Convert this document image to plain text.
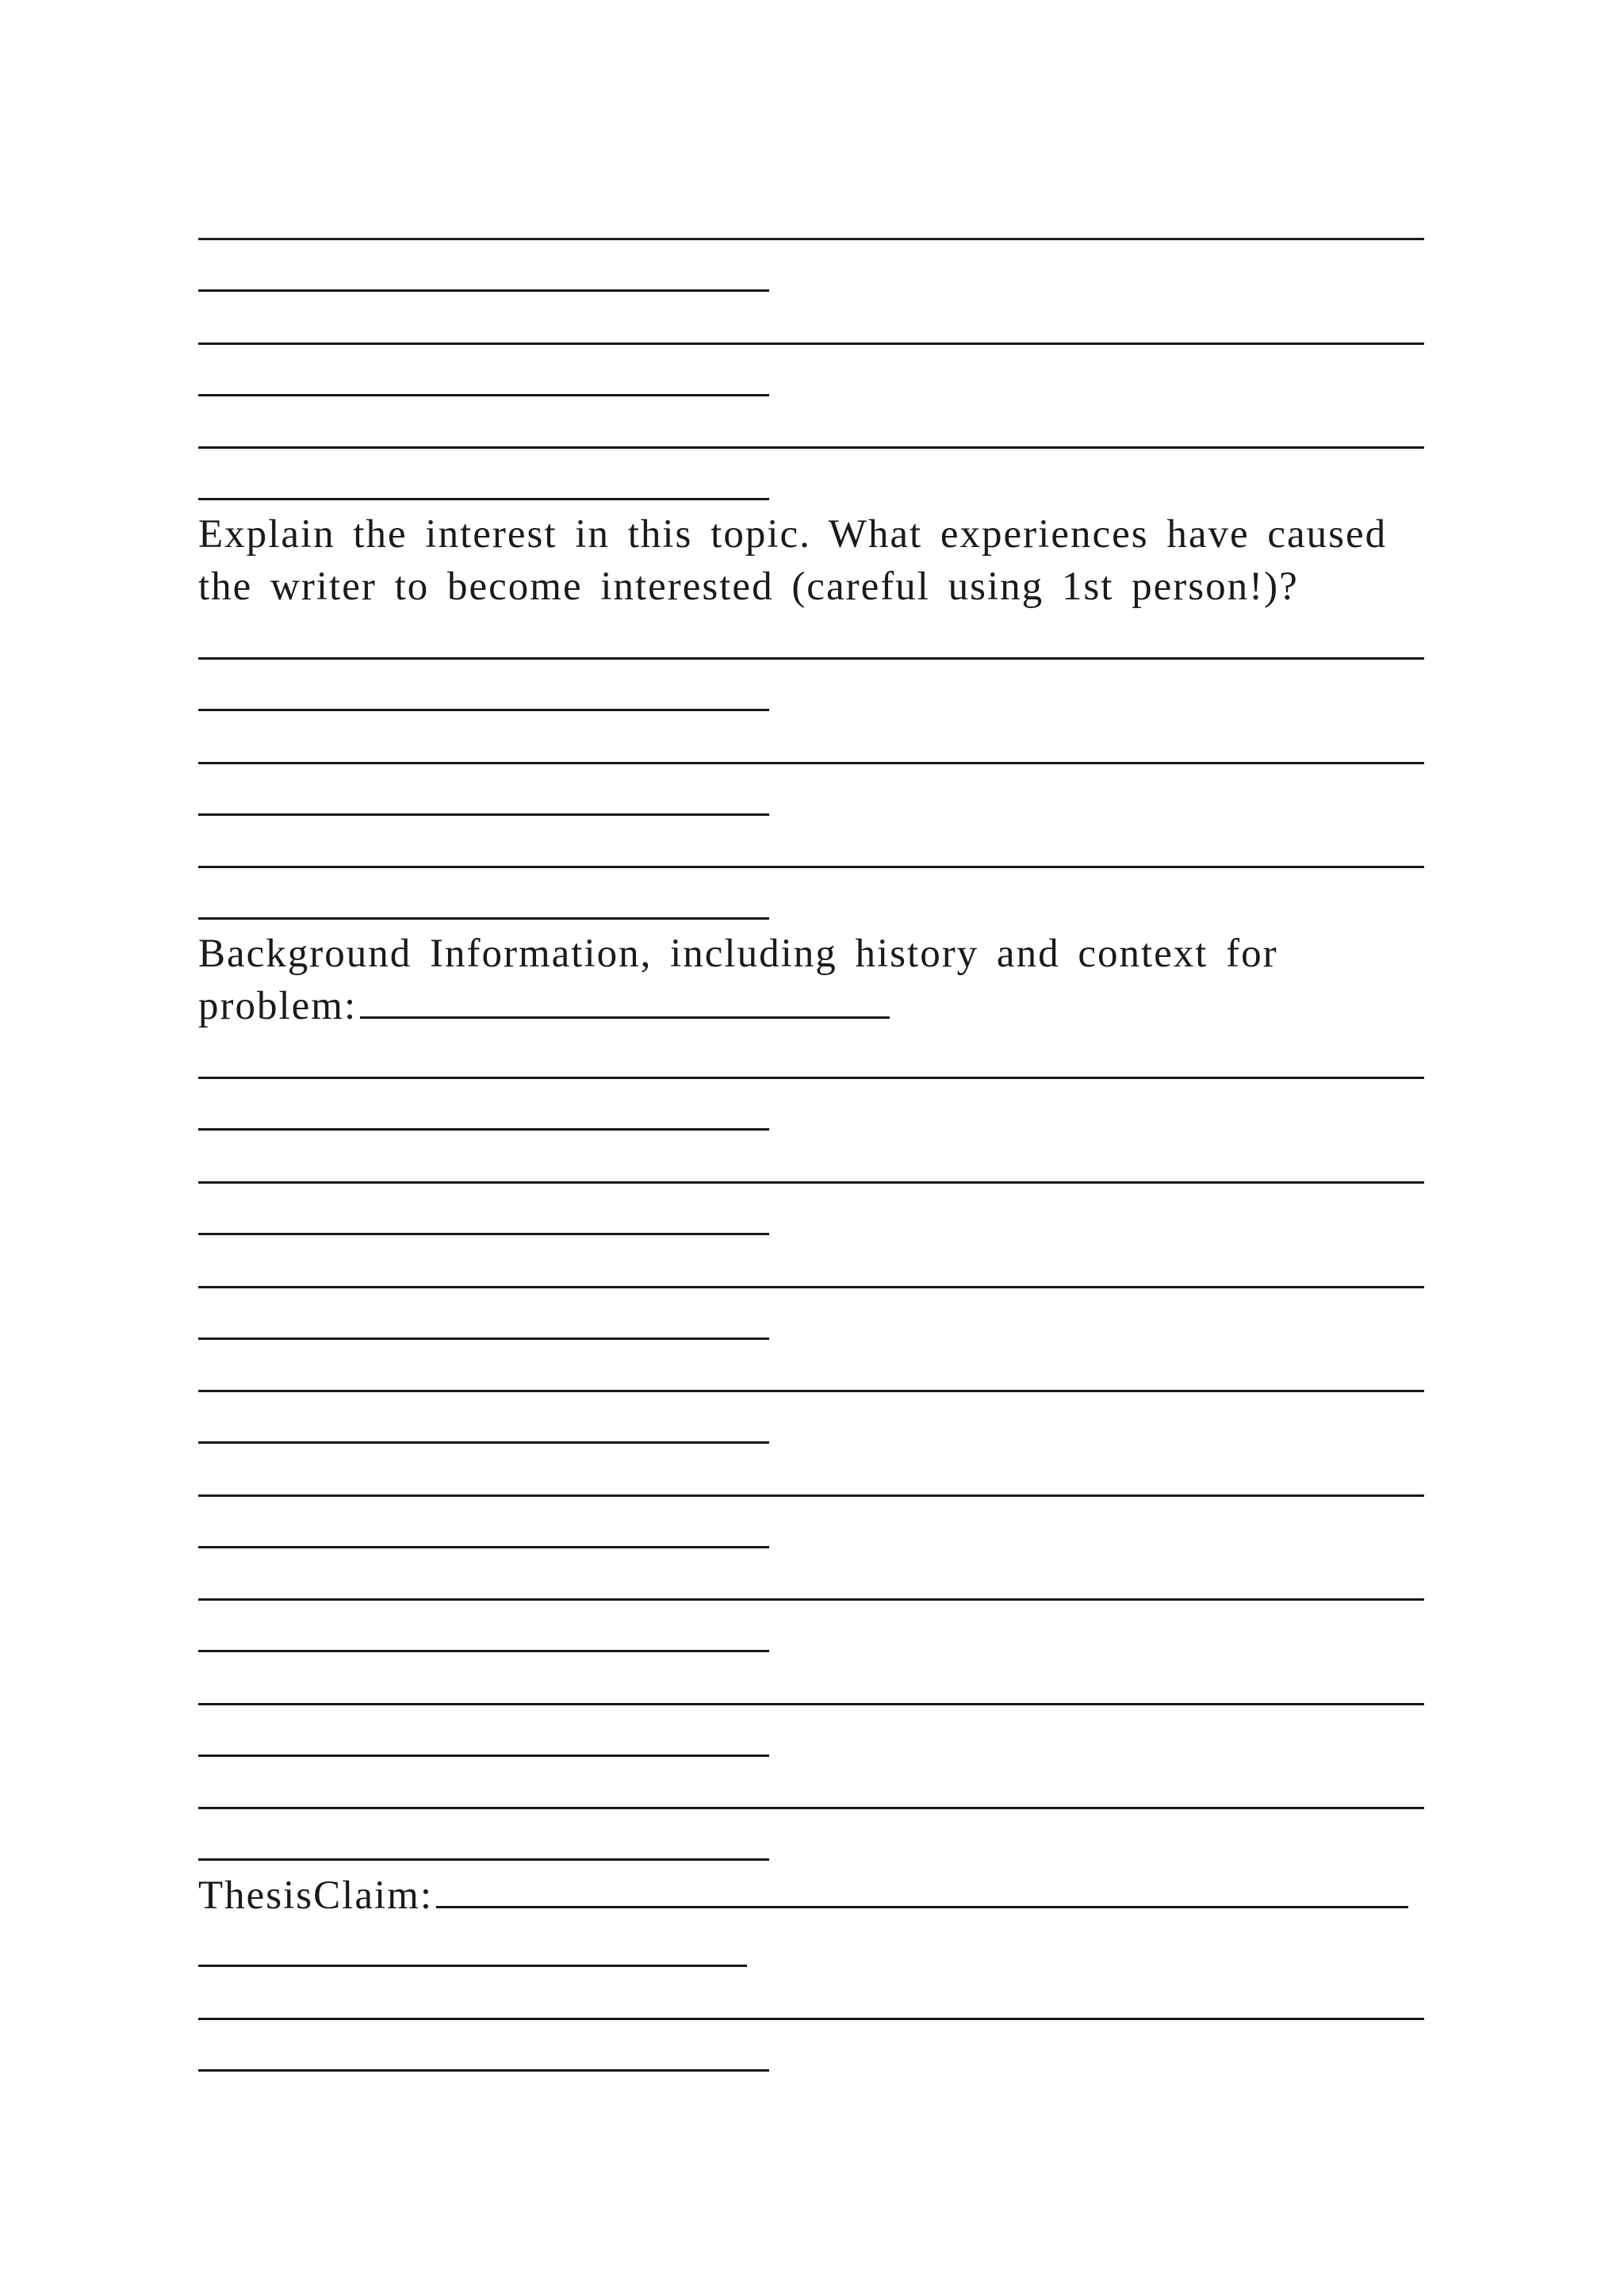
Explain the interest in this topic. What experiences have caused
the writer to become interested (careful using 1st person!)?
Background Information, including history and context for
problem:
ThesisClaim:
